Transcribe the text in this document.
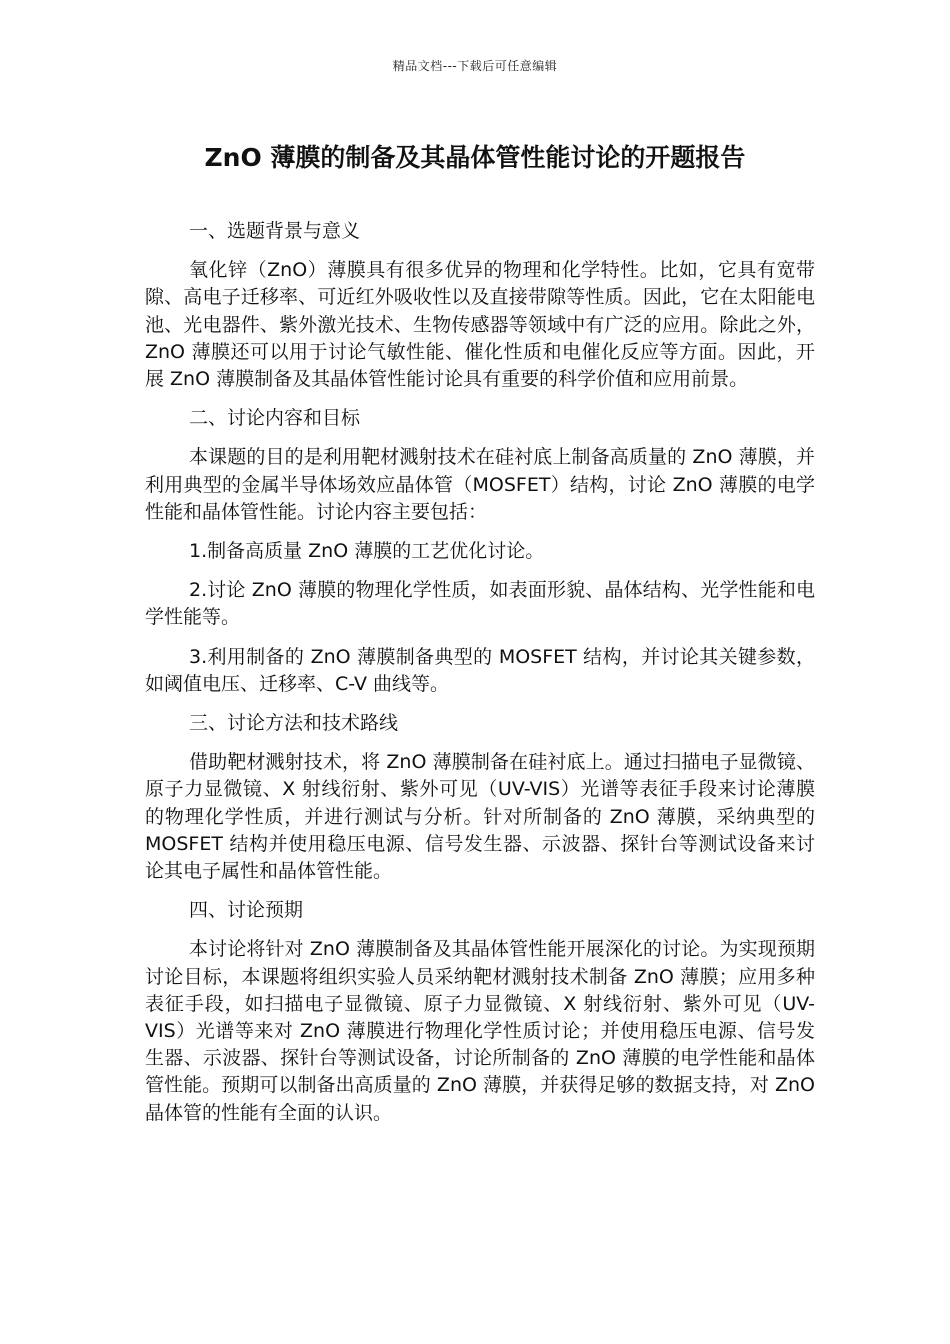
精品文档---下载后可任意编辑
ZnO 薄膜的制备及其晶体管性能讨论的开题报告

一、选题背景与意义

氧化锌（ZnO）薄膜具有很多优异的物理和化学特性。比如，它具有宽带隙、高电子迁移率、可近红外吸收性以及直接带隙等性质。因此，它在太阳能电池、光电器件、紫外激光技术、生物传感器等领域中有广泛的应用。除此之外，ZnO 薄膜还可以用于讨论气敏性能、催化性质和电催化反应等方面。因此，开展 ZnO 薄膜制备及其晶体管性能讨论具有重要的科学价值和应用前景。

二、讨论内容和目标

本课题的目的是利用靶材溅射技术在硅衬底上制备高质量的 ZnO 薄膜，并利用典型的金属半导体场效应晶体管（MOSFET）结构，讨论 ZnO 薄膜的电学性能和晶体管性能。讨论内容主要包括：

1.制备高质量 ZnO 薄膜的工艺优化讨论。

2.讨论 ZnO 薄膜的物理化学性质，如表面形貌、晶体结构、光学性能和电学性能等。

3.利用制备的 ZnO 薄膜制备典型的 MOSFET 结构，并讨论其关键参数，如阈值电压、迁移率、C-V 曲线等。

三、讨论方法和技术路线

借助靶材溅射技术，将 ZnO 薄膜制备在硅衬底上。通过扫描电子显微镜、原子力显微镜、X 射线衍射、紫外可见（UV-VIS）光谱等表征手段来讨论薄膜的物理化学性质，并进行测试与分析。针对所制备的 ZnO 薄膜，采纳典型的 MOSFET 结构并使用稳压电源、信号发生器、示波器、探针台等测试设备来讨论其电子属性和晶体管性能。

四、讨论预期

本讨论将针对 ZnO 薄膜制备及其晶体管性能开展深化的讨论。为实现预期讨论目标，本课题将组织实验人员采纳靶材溅射技术制备 ZnO 薄膜；应用多种表征手段，如扫描电子显微镜、原子力显微镜、X 射线衍射、紫外可见（UV-VIS）光谱等来对 ZnO 薄膜进行物理化学性质讨论；并使用稳压电源、信号发生器、示波器、探针台等测试设备，讨论所制备的 ZnO 薄膜的电学性能和晶体管性能。预期可以制备出高质量的 ZnO 薄膜，并获得足够的数据支持，对 ZnO 晶体管的性能有全面的认识。
